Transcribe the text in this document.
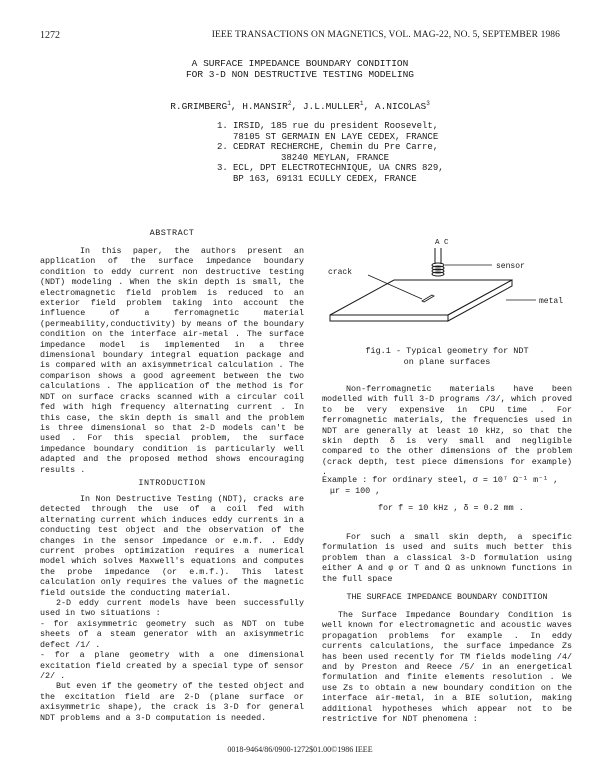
1272	IEEE TRANSACTIONS ON MAGNETICS, VOL. MAG-22, NO. 5, SEPTEMBER 1986
A SURFACE IMPEDANCE BOUNDARY CONDITION
FOR 3-D NON DESTRUCTIVE TESTING MODELING
R.GRIMBERG$^1$, H.MANSIR$^2$, J.L.MULLER$^1$, A.NICOLAS$^3$
1. IRSID, 185 rue du president Roosevelt,
78105 ST GERMAIN EN LAYE CEDEX, FRANCE
2. CEDRAT RECHERCHE, Chemin du Pre Carre,
38240 MEYLAN, FRANCE
3. ECL, DPT ELECTROTECHNIQUE, UA CNRS 829,
BP 163, 69131 ECULLY CEDEX, FRANCE
ABSTRACT
In this paper, the authors present an application of the surface impedance boundary condition to eddy current non destructive testing (NDT) modeling . When the skin depth is small, the electromagnetic field problem is reduced to an exterior field problem taking into account the influence of a ferromagnetic material (permeability,conductivity) by means of the boundary condition on the interface air-metal . The surface impedance model is implemented in a three dimensional boundary integral equation package and is compared with an axisymmetrical calculation . The comparison shows a good agreement between the two calculations . The application of the method is for NDT on surface cracks scanned with a circular coil fed with high frequency alternating current . In this case, the skin depth is small and the problem is three dimensional so that 2-D models can't be used . For this special problem, the surface impedance boundary condition is particularly well adapted and the proposed method shows encouraging results .
INTRODUCTION

In Non Destructive Testing (NDT), cracks are detected through the use of a coil fed with alternating current which induces eddy currents in a conducting test object and the observation of the changes in the sensor impedance or e.m.f. . Eddy current probes optimization requires a numerical model which solves Maxwell's equations and computes the probe impedance (or e.m.f.). This latest calculation only requires the values of the magnetic field outside the conducting material.

2-D eddy current models have been successfully used in two situations :

- for axisymmetric geometry such as NDT on tube sheets of a steam generator with an axisymmetric defect /1/ .

- for a plane geometry with a one dimensional excitation field created by a special type of sensor /2/ .

But even if the geometry of the tested object and the excitation field are 2-D (plane surface or axisymmetric shape), the crack is 3-D for general NDT problems and a 3-D computation is needed.

A C
sensor
crack
metal
fig.1 - Typical geometry for NDT
on plane surfaces
Non-ferromagnetic materials have been modelled with full 3-D programs /3/, which proved to be very expensive in CPU time . For ferromagnetic materials, the frequencies used in NDT are generally at least 10 kHz, so that the skin depth δ is very small and negligible compared to the other dimensions of the problem (crack depth, test piece dimensions for example) .
Example : for ordinary steel, σ = 10⁷ Ω⁻¹ m⁻¹ ,
μr = 100 ,
for f = 10 kHz , δ = 0.2 mm .
For such a small skin depth, a specific formulation is used and suits much better this problem than a classical 3-D formulation using either A and φ or T and Ω as unknown functions in the full space
THE SURFACE IMPEDANCE BOUNDARY CONDITION
The Surface Impedance Boundary Condition is well known for electromagnetic and acoustic waves propagation problems for example . In eddy currents calculations, the surface impedance Zs has been used recently for TM fields modeling /4/ and by Preston and Reece /5/ in an energetical formulation and finite elements resolution . We use Zs to obtain a new boundary condition on the interface air-metal, in a BIE solution, making additional hypotheses which appear not to be restrictive for NDT phenomena :
0018-9464/86/0900-1272$01.00©1986 IEEE
